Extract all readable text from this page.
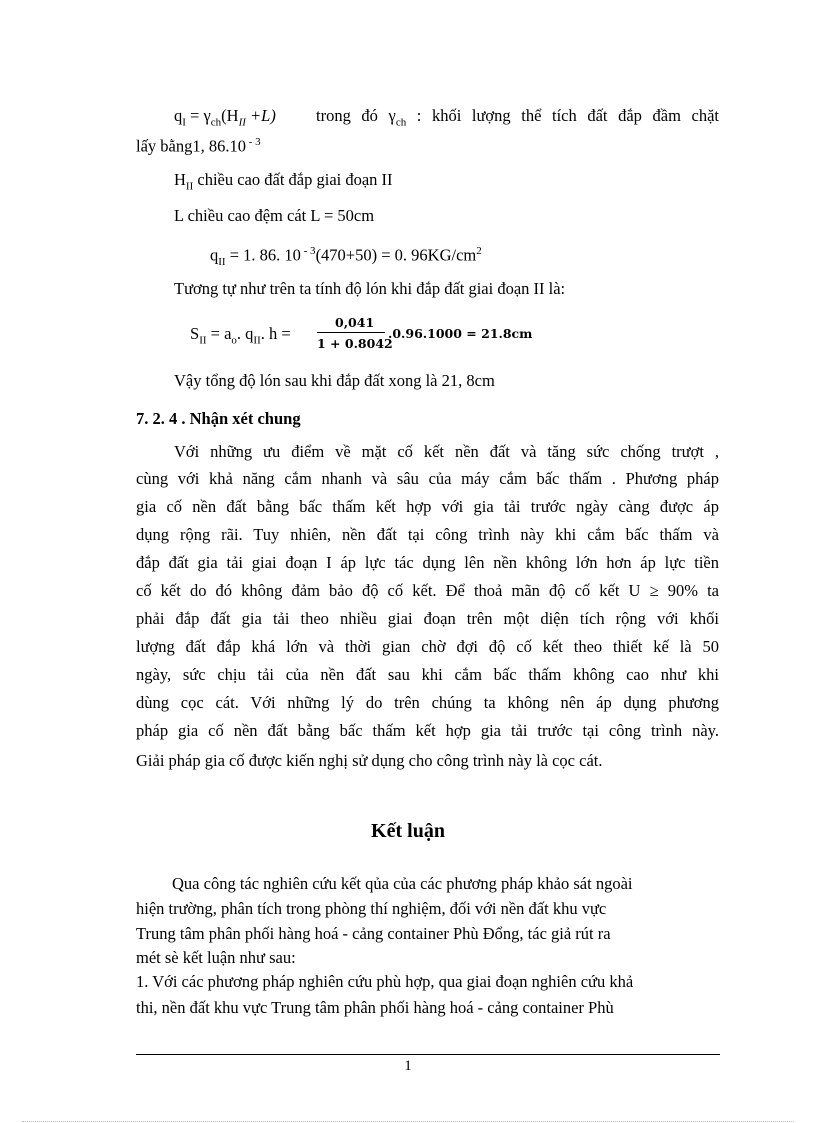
$q_I = \gamma_{ch}(H_{II} +L)$ trong đó $\gamma_{ch}$ : khối lượng thể tích đất đắp đầm chặt
lấy bằng1, 86.10 $^{- 3}$
$H_{II}$ chiều cao đất đắp giai đoạn II
L chiều cao đệm cát L = 50cm
$q_{II} = 1$. 86. 10 $^{- 3}$(470+50) = 0. $96KG/cm^2$
Tương tự như trên ta tính độ lón khi đắp đất giai đoạn II là:
$S_{II} = a_o$. $q_{II}$. h =
0,041
1 + 0.8042
.0.96.1000 = 21.8cm
Vậy tổng độ lón sau khi đắp đất xong là 21, 8cm
7. 2. 4 . Nhận xét chung
Với những ưu điểm về mặt cố kết nền đất và tăng sức chống trượt ,
cùng với khả năng cắm nhanh và sâu của máy cắm bấc thấm . Phương pháp
gia cố nền đất bằng bấc thấm kết hợp với gia tải trước ngày càng được áp
dụng rộng rãi. Tuy nhiên, nền đất tại công trình này khi cắm bấc thấm và
đắp đất gia tải giai đoạn I áp lực tác dụng lên nền không lớn hơn áp lực tiền
cố kết do đó không đảm bảo độ cố kết. Để thoả mãn độ cố kết U ≥ 90% ta
phải đắp đất gia tải theo nhiều giai đoạn trên một diện tích rộng với khối
lượng đất đắp khá lớn và thời gian chờ đợi độ cố kết theo thiết kế là 50
ngày, sức chịu tải của nền đất sau khi cắm bấc thấm không cao như khi
dùng cọc cát. Với những lý do trên chúng ta không nên áp dụng phương
pháp gia cố nền đất bằng bấc thấm kết hợp gia tải trước tại công trình này.
Giải pháp gia cố được kiến nghị sử dụng cho công trình này là cọc cát.
Kết luận
Qua công tác nghiên cứu kết qủa của các phương pháp khảo sát ngoài
hiện trường, phân tích trong phòng thí nghiệm, đối với nền đất khu vực
Trung tâm phân phối hàng hoá - cảng container Phù Đổng, tác giả rút ra
mét sè kết luận như sau:
1. Với các phương pháp nghiên cứu phù hợp, qua giai đoạn nghiên cứu khả
thi, nền đất khu vực Trung tâm phân phối hàng hoá - cảng container Phù
1
